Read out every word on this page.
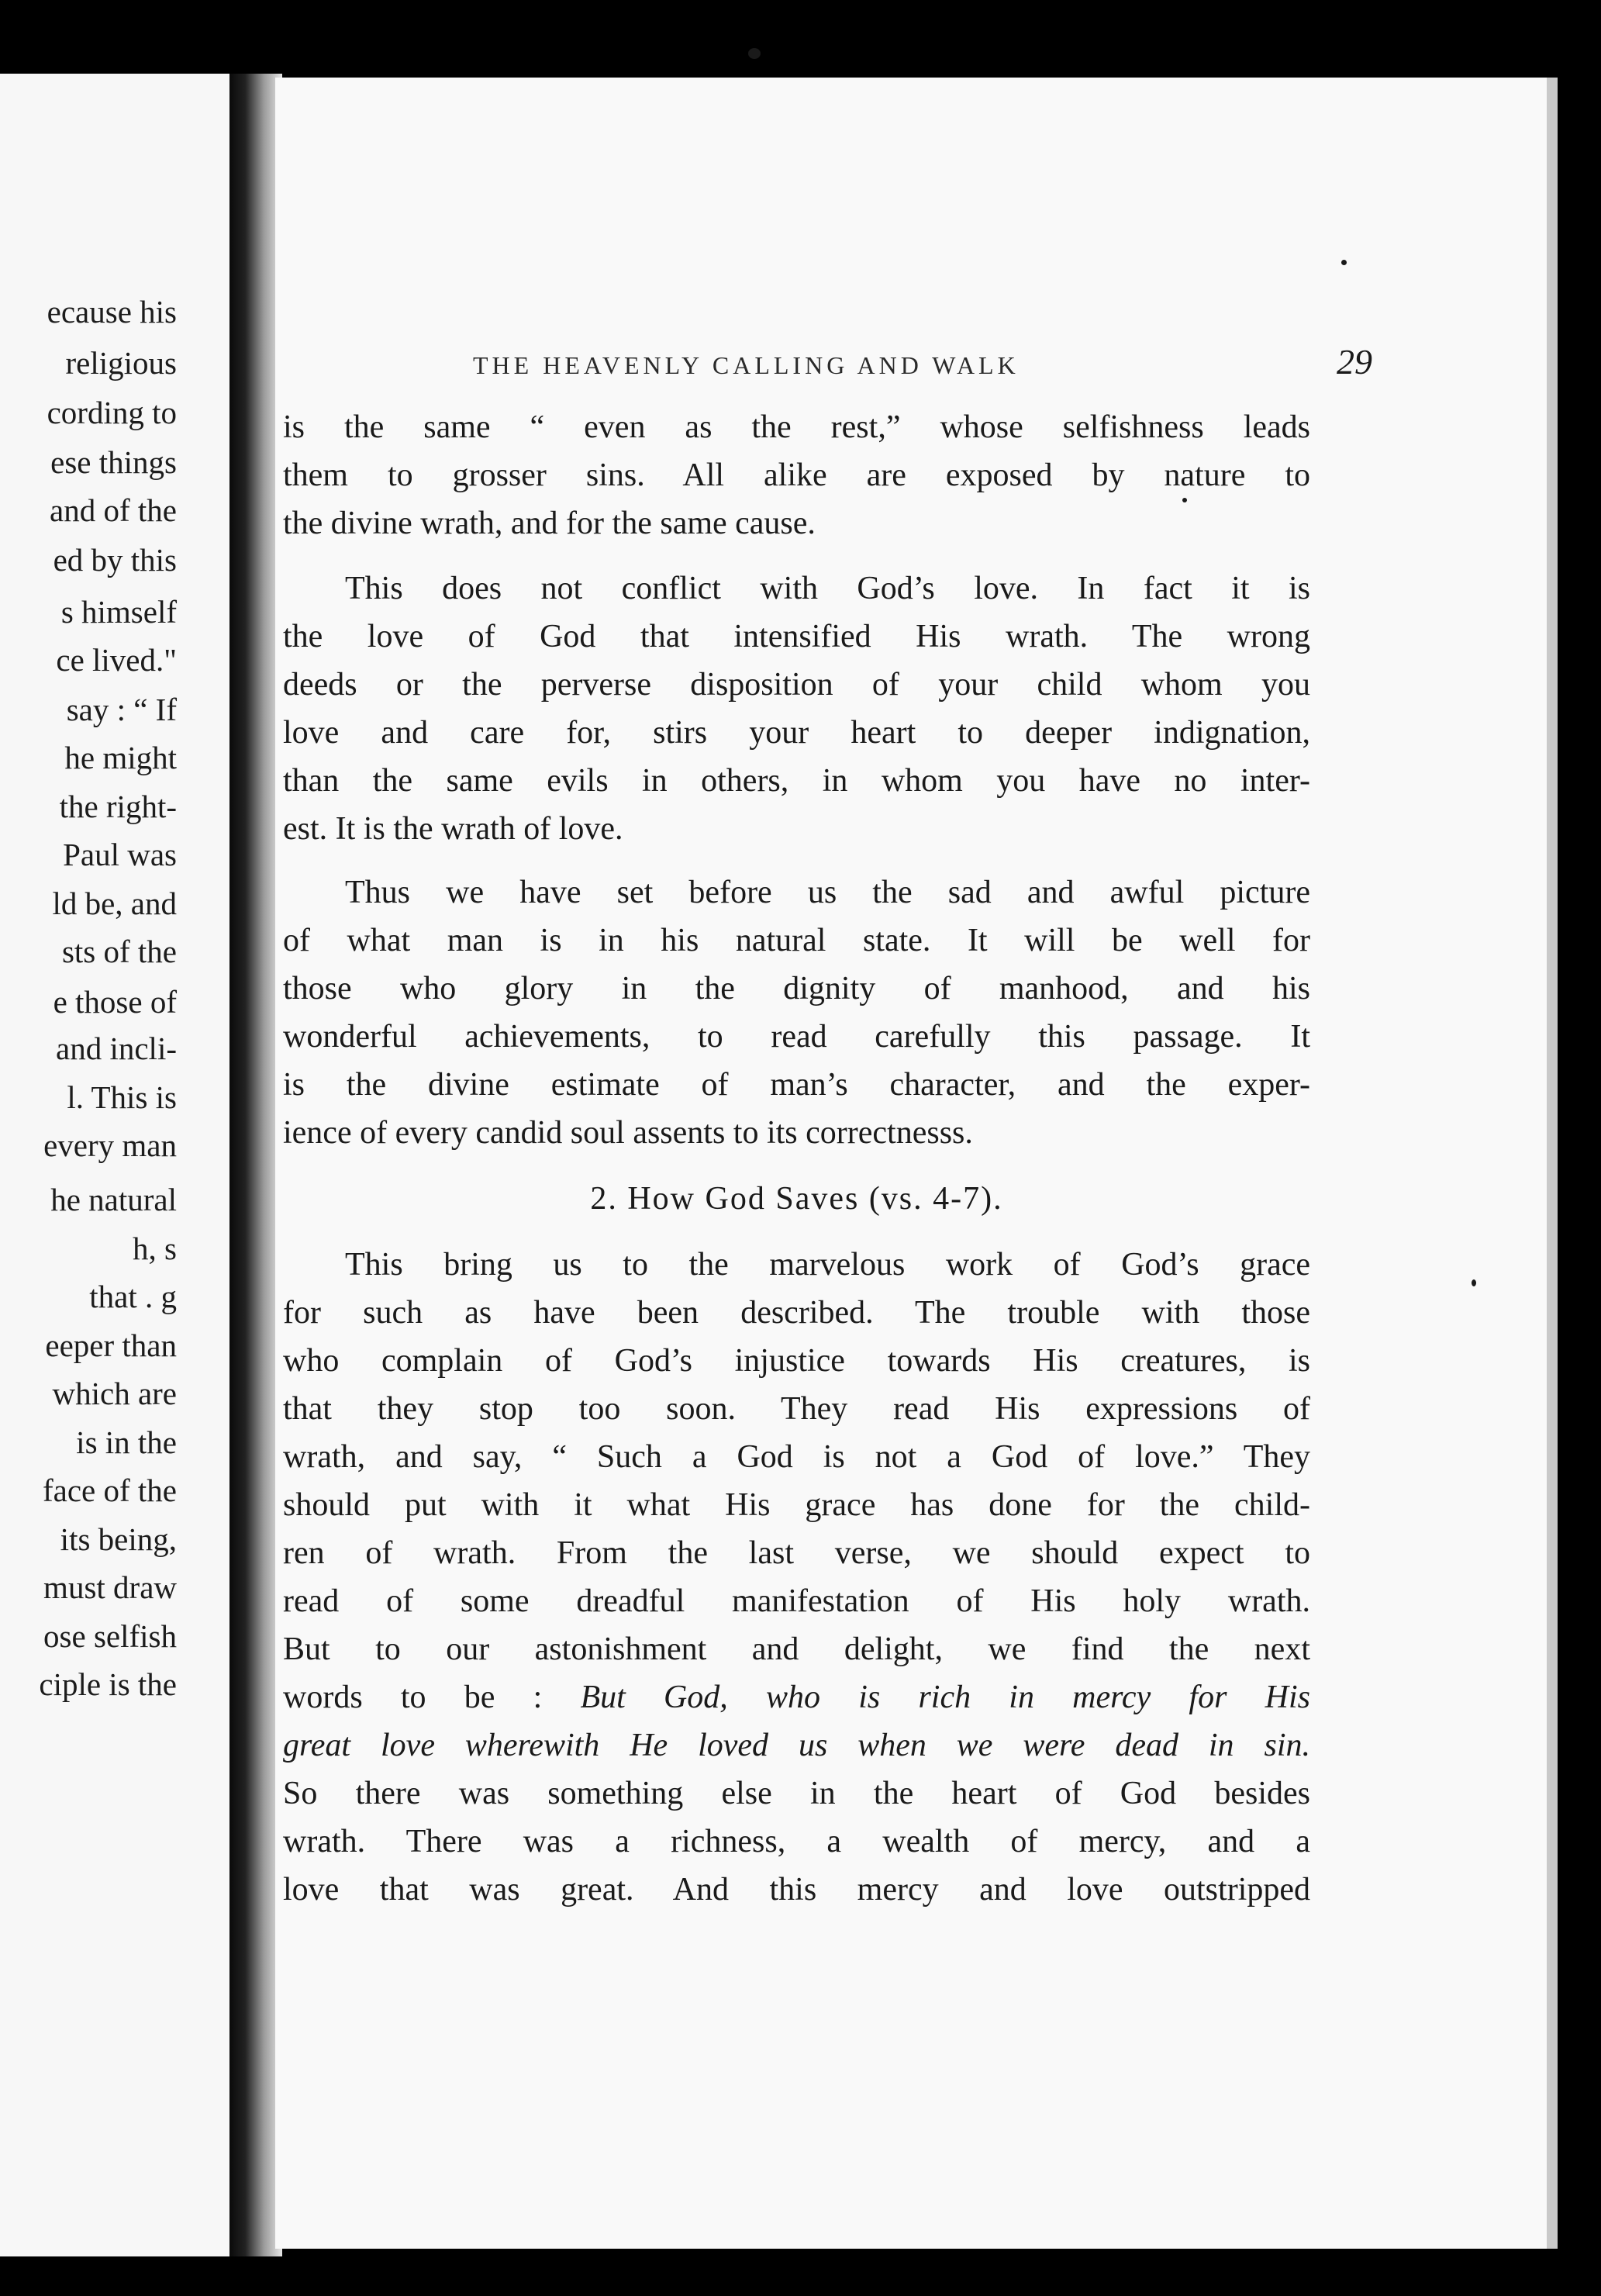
ecause his
religious
cording to
ese things
and of the
ed by this
s himself
ce lived."
say : “ If
he might
the right-
Paul was
ld be, and
sts of the
e those of
and incli-
l. This is
every man
he natural
h, s
that . g
eeper than
which are
is in the
face of the
its being,
must draw
ose selfish
ciple is the
THE HEAVENLY CALLING AND WALK	29
is the same “ even as the rest,” whose selfishness leads
them to grosser sins. All alike are exposed by nature to
the divine wrath, and for the same cause.
This does not conflict with God’s love. In fact it is
the love of God that intensified His wrath. The wrong
deeds or the perverse disposition of your child whom you
love and care for, stirs your heart to deeper indignation,
than the same evils in others, in whom you have no inter-
est. It is the wrath of love.
Thus we have set before us the sad and awful picture
of what man is in his natural state. It will be well for
those who glory in the dignity of manhood, and his
wonderful achievements, to read carefully this passage. It
is the divine estimate of man’s character, and the exper-
ience of every candid soul assents to its correctnesss.
2. How God Saves (vs. 4-7).
This bring us to the marvelous work of God’s grace
for such as have been described. The trouble with those
who complain of God’s injustice towards His creatures, is
that they stop too soon. They read His expressions of
wrath, and say, “ Such a God is not a God of love.” They
should put with it what His grace has done for the child-
ren of wrath. From the last verse, we should expect to
read of some dreadful manifestation of His holy wrath.
But to our astonishment and delight, we find the next
words to be : But God, who is rich in mercy for His
great love wherewith He loved us when we were dead in sin.
So there was something else in the heart of God besides
wrath. There was a richness, a wealth of mercy, and a
love that was great. And this mercy and love outstripped
